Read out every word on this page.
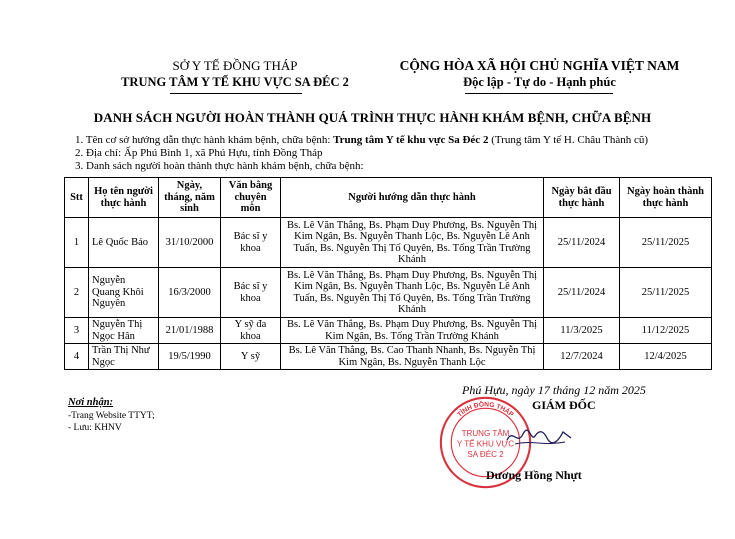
SỞ Y TẾ ĐỒNG THÁP
TRUNG TÂM Y TẾ KHU VỰC SA ĐÉC 2
CỘNG HÒA XÃ HỘI CHỦ NGHĨA VIỆT NAM
Độc lập - Tự do - Hạnh phúc
DANH SÁCH NGƯỜI HOÀN THÀNH QUÁ TRÌNH THỰC HÀNH KHÁM BỆNH, CHỮA BỆNH
1. Tên cơ sở hướng dẫn thực hành khám bệnh, chữa bệnh: Trung tâm Y tế khu vực Sa Đéc 2 (Trung tâm Y tế H. Châu Thành cũ)
2. Địa chỉ: Ấp Phú Bình 1, xã Phú Hựu, tỉnh Đồng Tháp
3. Danh sách người hoàn thành thực hành khám bệnh, chữa bệnh:
Stt	Họ tên người thực hành	Ngày, tháng, năm sinh	Văn bằng chuyên môn	Người hướng dẫn thực hành	Ngày bắt đầu thực hành	Ngày hoàn thành thực hành
1	Lê Quốc Bảo	31/10/2000	Bác sĩ y khoa	Bs. Lê Văn Thắng, Bs. Phạm Duy Phương, Bs. Nguyễn Thị Kim Ngân, Bs. Nguyễn Thanh Lộc, Bs. Nguyễn Lê Anh Tuấn, Bs. Nguyễn Thị Tố Quyên, Bs. Tống Trần Trường Khánh	25/11/2024	25/11/2025
2	Nguyễn Quang Khôi Nguyên	16/3/2000	Bác sĩ y khoa	Bs. Lê Văn Thắng, Bs. Phạm Duy Phương, Bs. Nguyễn Thị Kim Ngân, Bs. Nguyễn Thanh Lộc, Bs. Nguyễn Lê Anh Tuấn, Bs. Nguyễn Thị Tố Quyên, Bs. Tống Trần Trường Khánh	25/11/2024	25/11/2025
3	Nguyễn Thị Ngọc Hân	21/01/1988	Y sỹ đa khoa	Bs. Lê Văn Thắng, Bs. Phạm Duy Phương, Bs. Nguyễn Thị Kim Ngân, Bs. Tống Trần Trường Khánh	11/3/2025	11/12/2025
4	Trần Thị Như Ngọc	19/5/1990	Y sỹ	Bs. Lê Văn Thắng, Bs. Cao Thanh Nhanh, Bs. Nguyễn Thị Kim Ngân, Bs. Nguyễn Thanh Lộc	12/7/2024	12/4/2025
Nơi nhận:
-Trang Website TTYT;
- Lưu: KHNV
Phú Hựu, ngày 17 tháng 12 năm 2025
TỈNH ĐỒNG THÁP
TRUNG TÂM
Y TẾ KHU VỰC
SA ĐÉC 2
GIÁM ĐỐC
Dương Hồng Nhựt
